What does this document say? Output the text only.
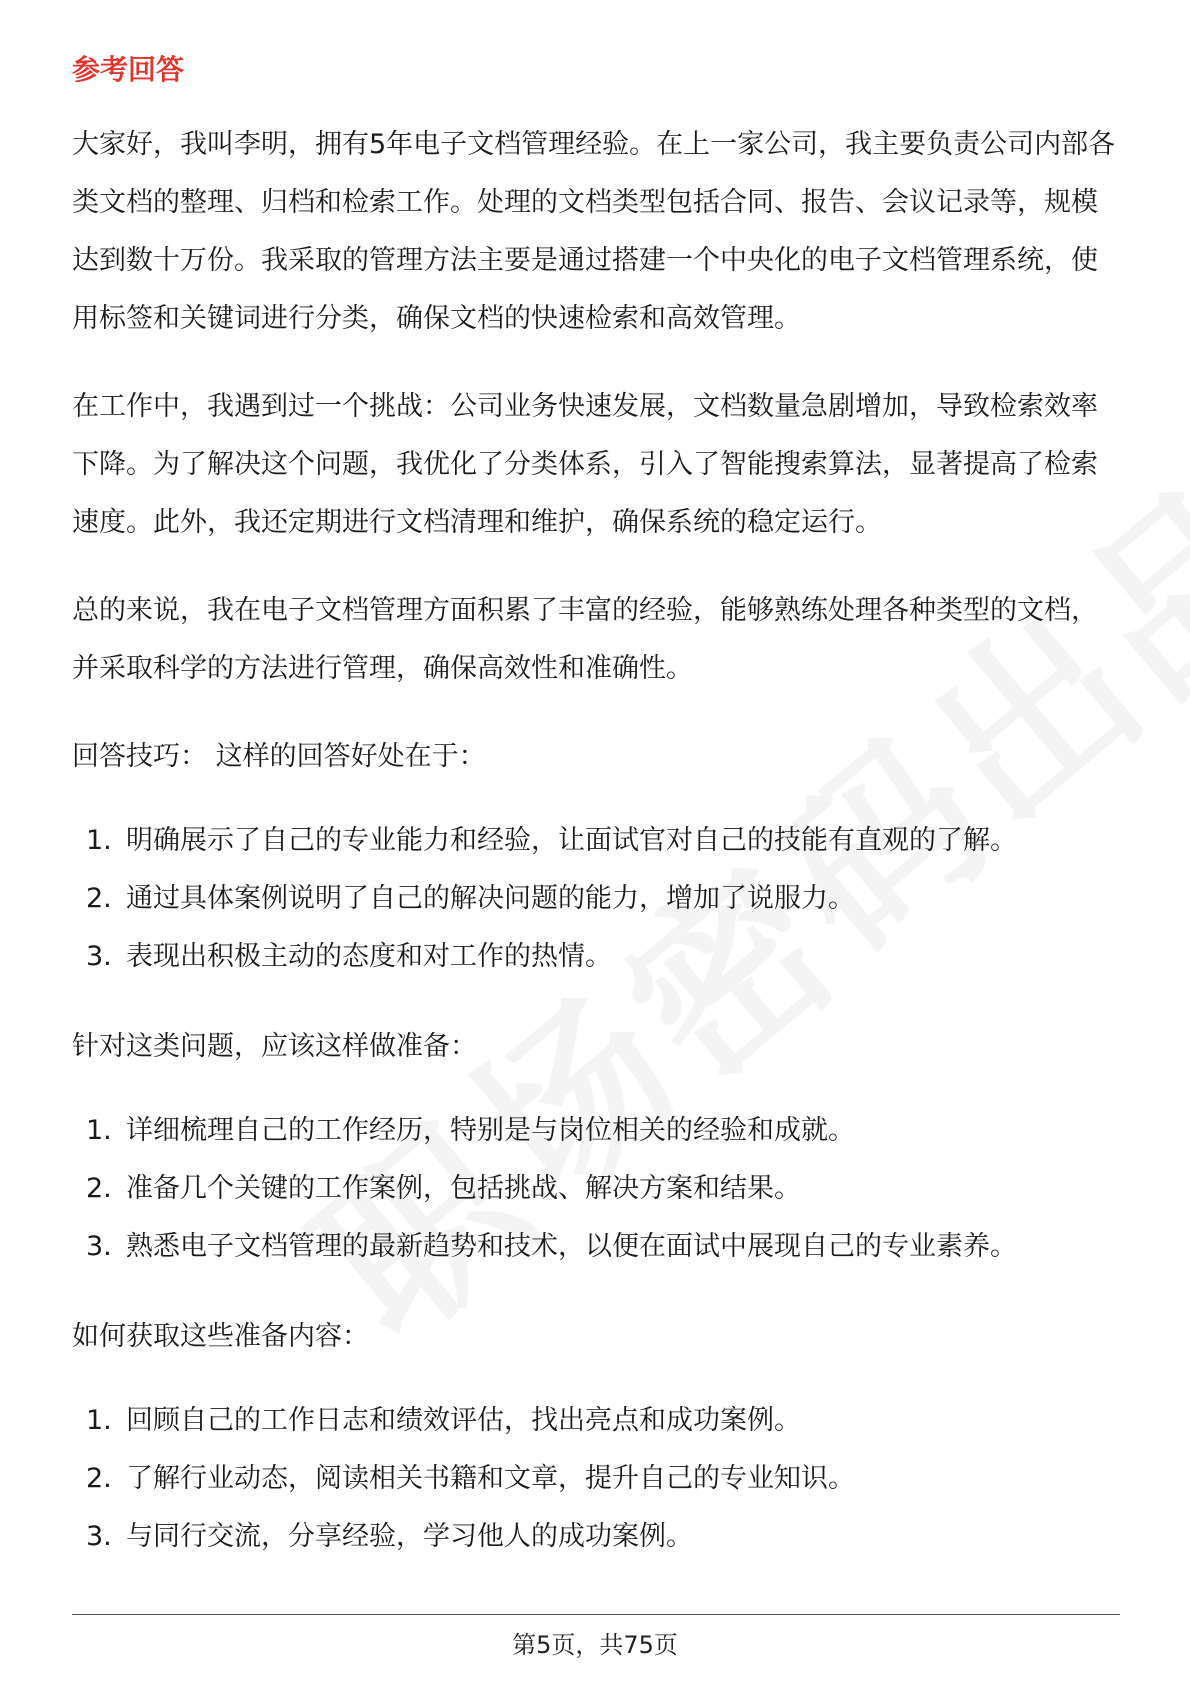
参考回答

大家好，我叫李明，拥有5年电子文档管理经验。在上一家公司，我主要负责公司内部各类文档的整理、归档和检索工作。处理的文档类型包括合同、报告、会议记录等，规模达到数十万份。我采取的管理方法主要是通过搭建一个中央化的电子文档管理系统，使用标签和关键词进行分类，确保文档的快速检索和高效管理。

在工作中，我遇到过一个挑战：公司业务快速发展，文档数量急剧增加，导致检索效率下降。为了解决这个问题，我优化了分类体系，引入了智能搜索算法，显著提高了检索速度。此外，我还定期进行文档清理和维护，确保系统的稳定运行。

总的来说，我在电子文档管理方面积累了丰富的经验，能够熟练处理各种类型的文档，并采取科学的方法进行管理，确保高效性和准确性。

回答技巧： 这样的回答好处在于：

1. 明确展示了自己的专业能力和经验，让面试官对自己的技能有直观的了解。
2. 通过具体案例说明了自己的解决问题的能力，增加了说服力。
3. 表现出积极主动的态度和对工作的热情。

针对这类问题，应该这样做准备：

1. 详细梳理自己的工作经历，特别是与岗位相关的经验和成就。
2. 准备几个关键的工作案例，包括挑战、解决方案和结果。
3. 熟悉电子文档管理的最新趋势和技术，以便在面试中展现自己的专业素养。

如何获取这些准备内容：

1. 回顾自己的工作日志和绩效评估，找出亮点和成功案例。
2. 了解行业动态，阅读相关书籍和文章，提升自己的专业知识。
3. 与同行交流，分享经验，学习他人的成功案例。
第5页，共75页
